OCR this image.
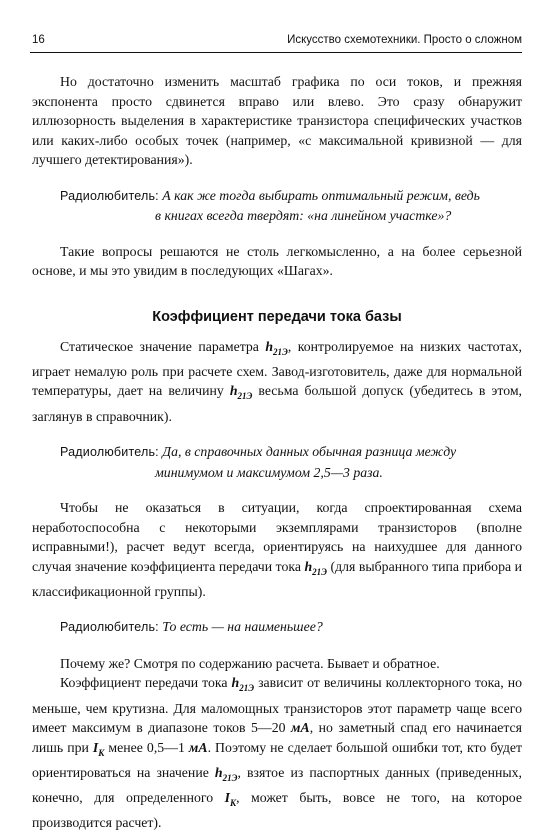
16	Искусство схемотехники. Просто о сложном

Но достаточно изменить масштаб графика по оси токов, и прежняя экспонента просто сдвинется вправо или влево. Это сразу обнаружит иллюзорность выделения в характеристике транзистора специфических участков или каких-либо особых точек (например, «с максимальной кривизной — для лучшего детектирования»).

Радиолюбитель: А как же тогда выбирать оптимальный режим, ведь
в книгах всегда твердят: «на линейном участке»?

Такие вопросы решаются не столь легкомысленно, а на более серьезной основе, и мы это увидим в последующих «Шагах».

Коэффициент передачи тока базы

Статическое значение параметра $h_{21Э}$, контролируемое на низких частотах, играет немалую роль при расчете схем. Завод-изготовитель, даже для нормальной температуры, дает на величину $h_{21Э}$ весьма большой допуск (убедитесь в этом, заглянув в справочник).

Радиолюбитель: Да, в справочных данных обычная разница между
минимумом и максимумом 2,5—3 раза.

Чтобы не оказаться в ситуации, когда спроектированная схема неработоспособна с некоторыми экземплярами транзисторов (вполне исправными!), расчет ведут всегда, ориентируясь на наихудшее для данного случая значение коэффициента передачи тока $h_{21Э}$ (для выбранного типа прибора и классификационной группы).

Радиолюбитель: То есть — на наименьшее?

Почему же? Смотря по содержанию расчета. Бывает и обратное.

Коэффициент передачи тока $h_{21Э}$ зависит от величины коллекторного тока, но меньше, чем крутизна. Для маломощных транзисторов этот параметр чаще всего имеет максимум в диапазоне токов 5—20 мА, но заметный спад его начинается лишь при $I_К$ менее 0,5—1 мА. Поэтому не сделает большой ошибки тот, кто будет ориентироваться на значение $h_{21Э}$, взятое из паспортных данных (приведенных, конечно, для определенного $I_К$, может быть, вовсе не того, на которое производится расчет).
